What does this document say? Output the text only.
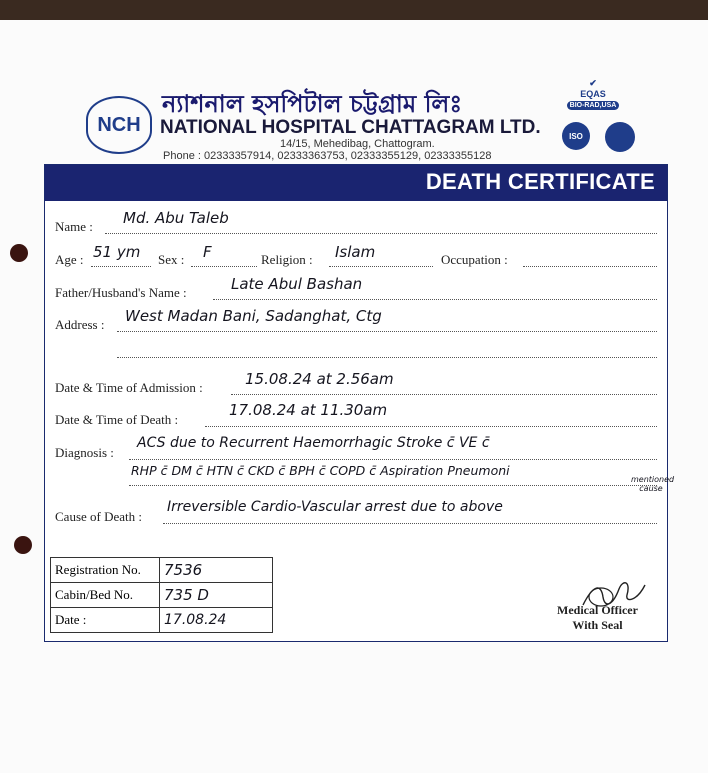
NCH
ন্যাশনাল হসপিটাল চট্টগ্রাম লিঃ
NATIONAL HOSPITAL CHATTAGRAM LTD.
14/15, Mehedibag, Chattogram.
Phone : 02333357914, 02333363753, 02333355129, 02333355128
✔
EQAS
BIO-RAD,USA
ISO
DEATH CERTIFICATE
Name : Md. Abu Taleb
Age : 51 ym Sex : F	Religion : Islam	Occupation :
Father/Husband's Name :	Late Abul Bashan
Address : West Madan Bani, Sadanghat, Ctg
Date & Time of Admission :	15.08.24 at 2.56am
Date & Time of Death :
17.08.24 at 11.30am
Diagnosis :
ACS due to Recurrent Haemorrhagic Stroke c̄ VE c̄
RHP c̄ DM c̄ HTN c̄ CKD c̄ BPH c̄ COPD c̄ Aspiration Pneumoni
Cause of Death :
Irreversible Cardio-Vascular arrest due to above
mentioned cause
Registration No.	7536
Cabin/Bed No.	735 D
Date :	17.08.24
Medical Officer
With Seal
